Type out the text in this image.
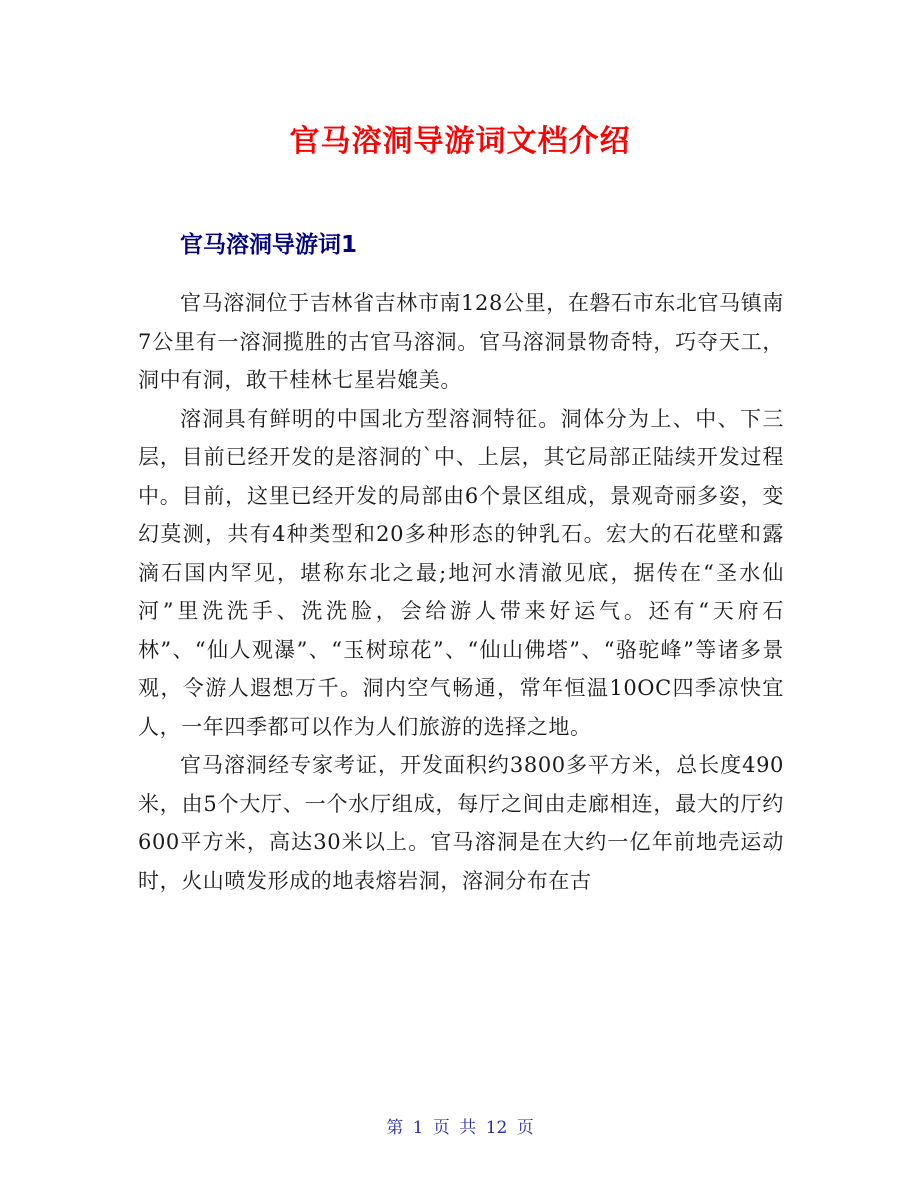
官马溶洞导游词文档介绍
官马溶洞导游词1

官马溶洞位于吉林省吉林市南128公里，在磐石市东北官马镇南7公里有一溶洞揽胜的古官马溶洞。官马溶洞景物奇特，巧夺天工，洞中有洞，敢干桂林七星岩媲美。

溶洞具有鲜明的中国北方型溶洞特征。洞体分为上、中、下三层，目前已经开发的是溶洞的`中、上层，其它局部正陆续开发过程中。目前，这里已经开发的局部由6个景区组成，景观奇丽多姿，变幻莫测，共有4种类型和20多种形态的钟乳石。宏大的石花壁和露滴石国内罕见，堪称东北之最;地河水清澈见底，据传在“圣水仙河”里洗洗手、洗洗脸，会给游人带来好运气。还有“天府石林”、“仙人观瀑”、“玉树琼花”、“仙山佛塔”、“骆驼峰”等诸多景观，令游人遐想万千。洞内空气畅通，常年恒温10OC四季凉快宜人，一年四季都可以作为人们旅游的选择之地。

官马溶洞经专家考证，开发面积约3800多平方米，总长度490米，由5个大厅、一个水厅组成，每厅之间由走廊相连，最大的厅约600平方米，高达30米以上。官马溶洞是在大约一亿年前地壳运动时，火山喷发形成的地表熔岩洞，溶洞分布在古

第 1 页 共 12 页
